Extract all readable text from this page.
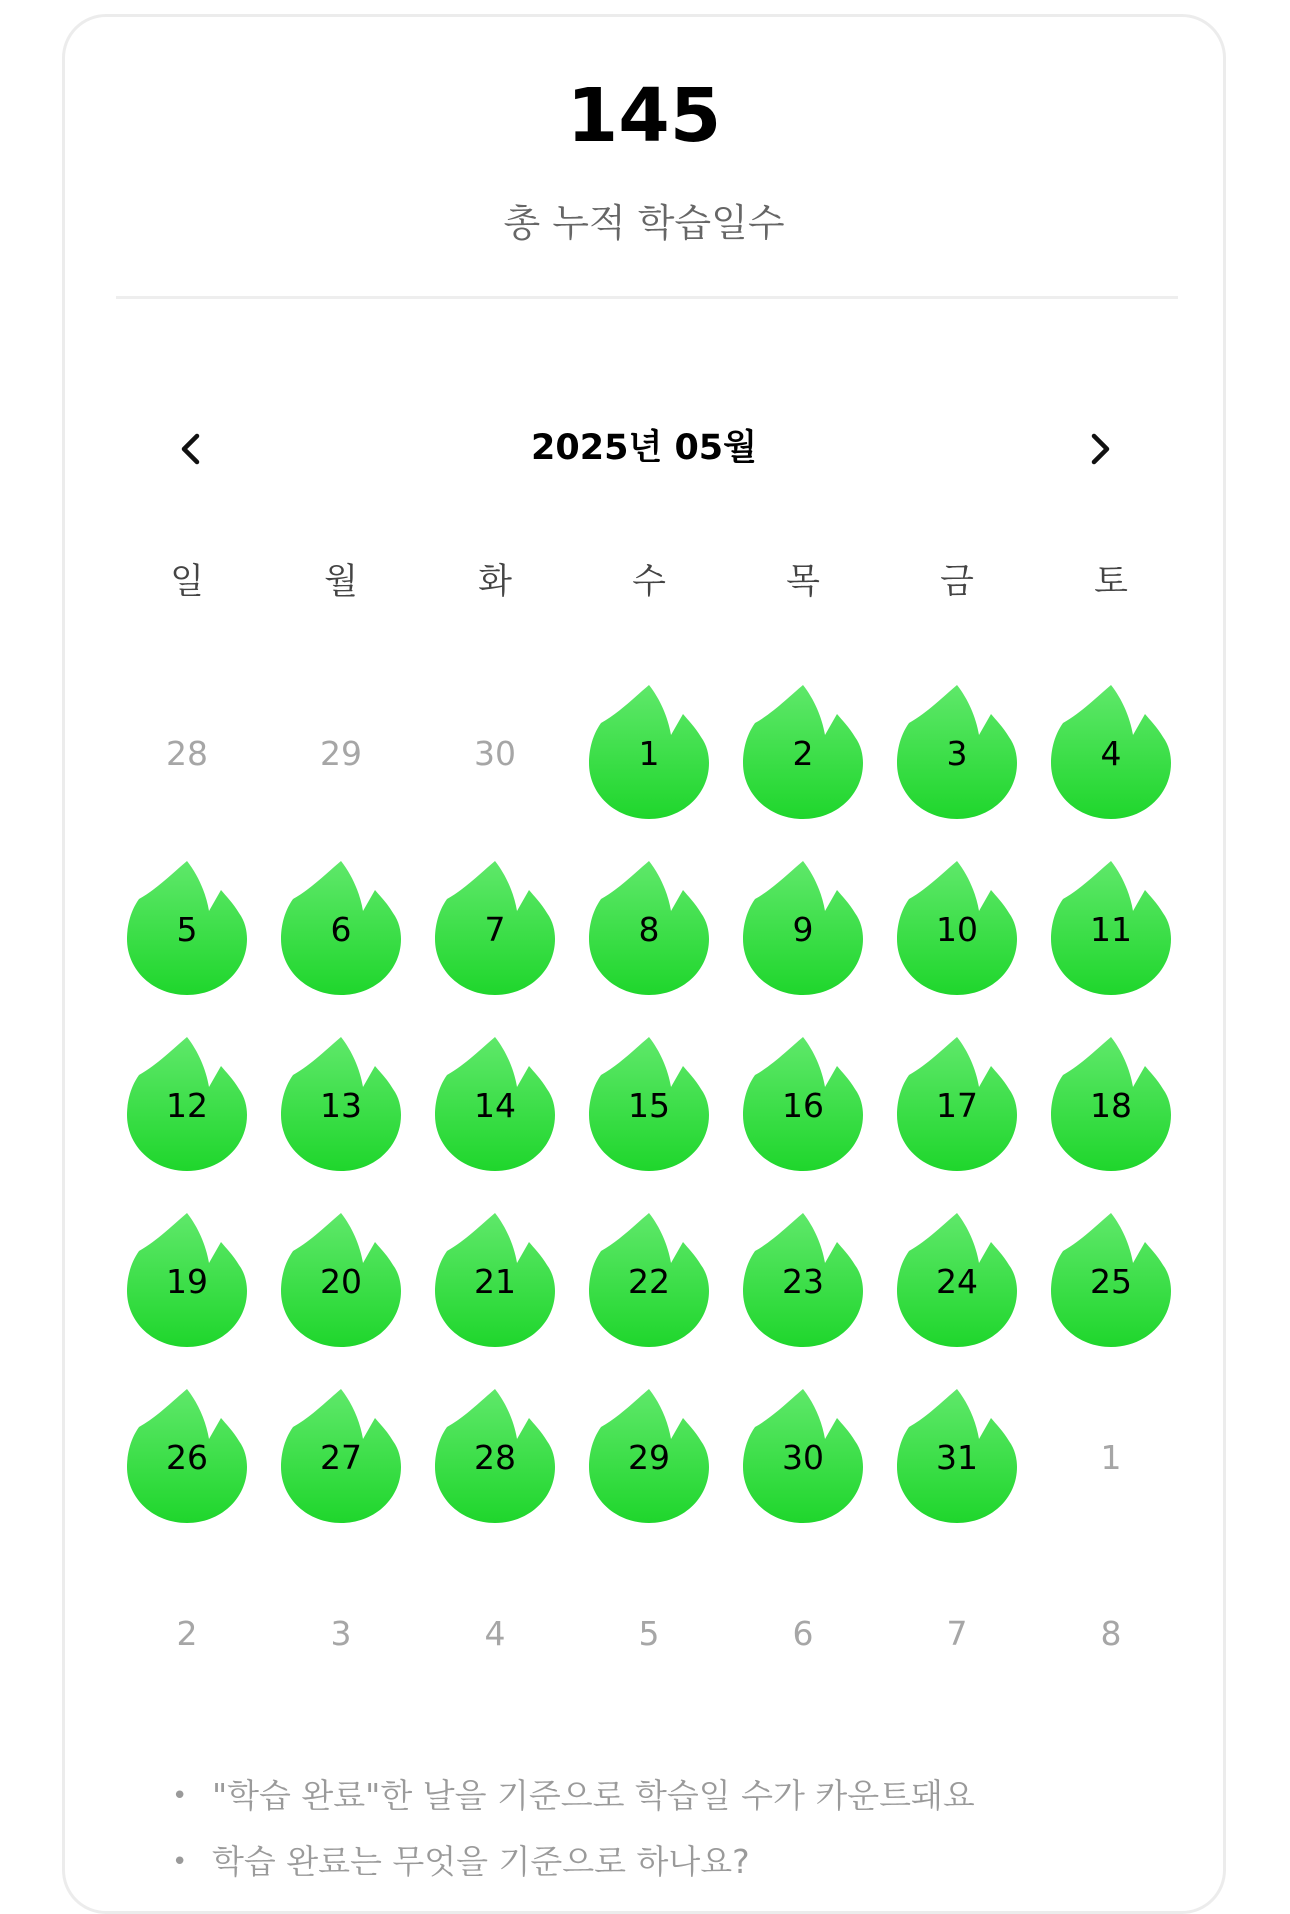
145
총 누적 학습일수
2025년 05월
일	월	화	수	목	금	토
28	29	30	1	2	3	4
5	6	7	8	9	10	11
12	13	14	15	16	17	18
19	20	21	22	23	24	25
26	27	28	29	30	31	1
2	3	4	5	6	7	8
• "학습 완료"한 날을 기준으로 학습일 수가 카운트돼요
• 학습 완료는 무엇을 기준으로 하나요?
